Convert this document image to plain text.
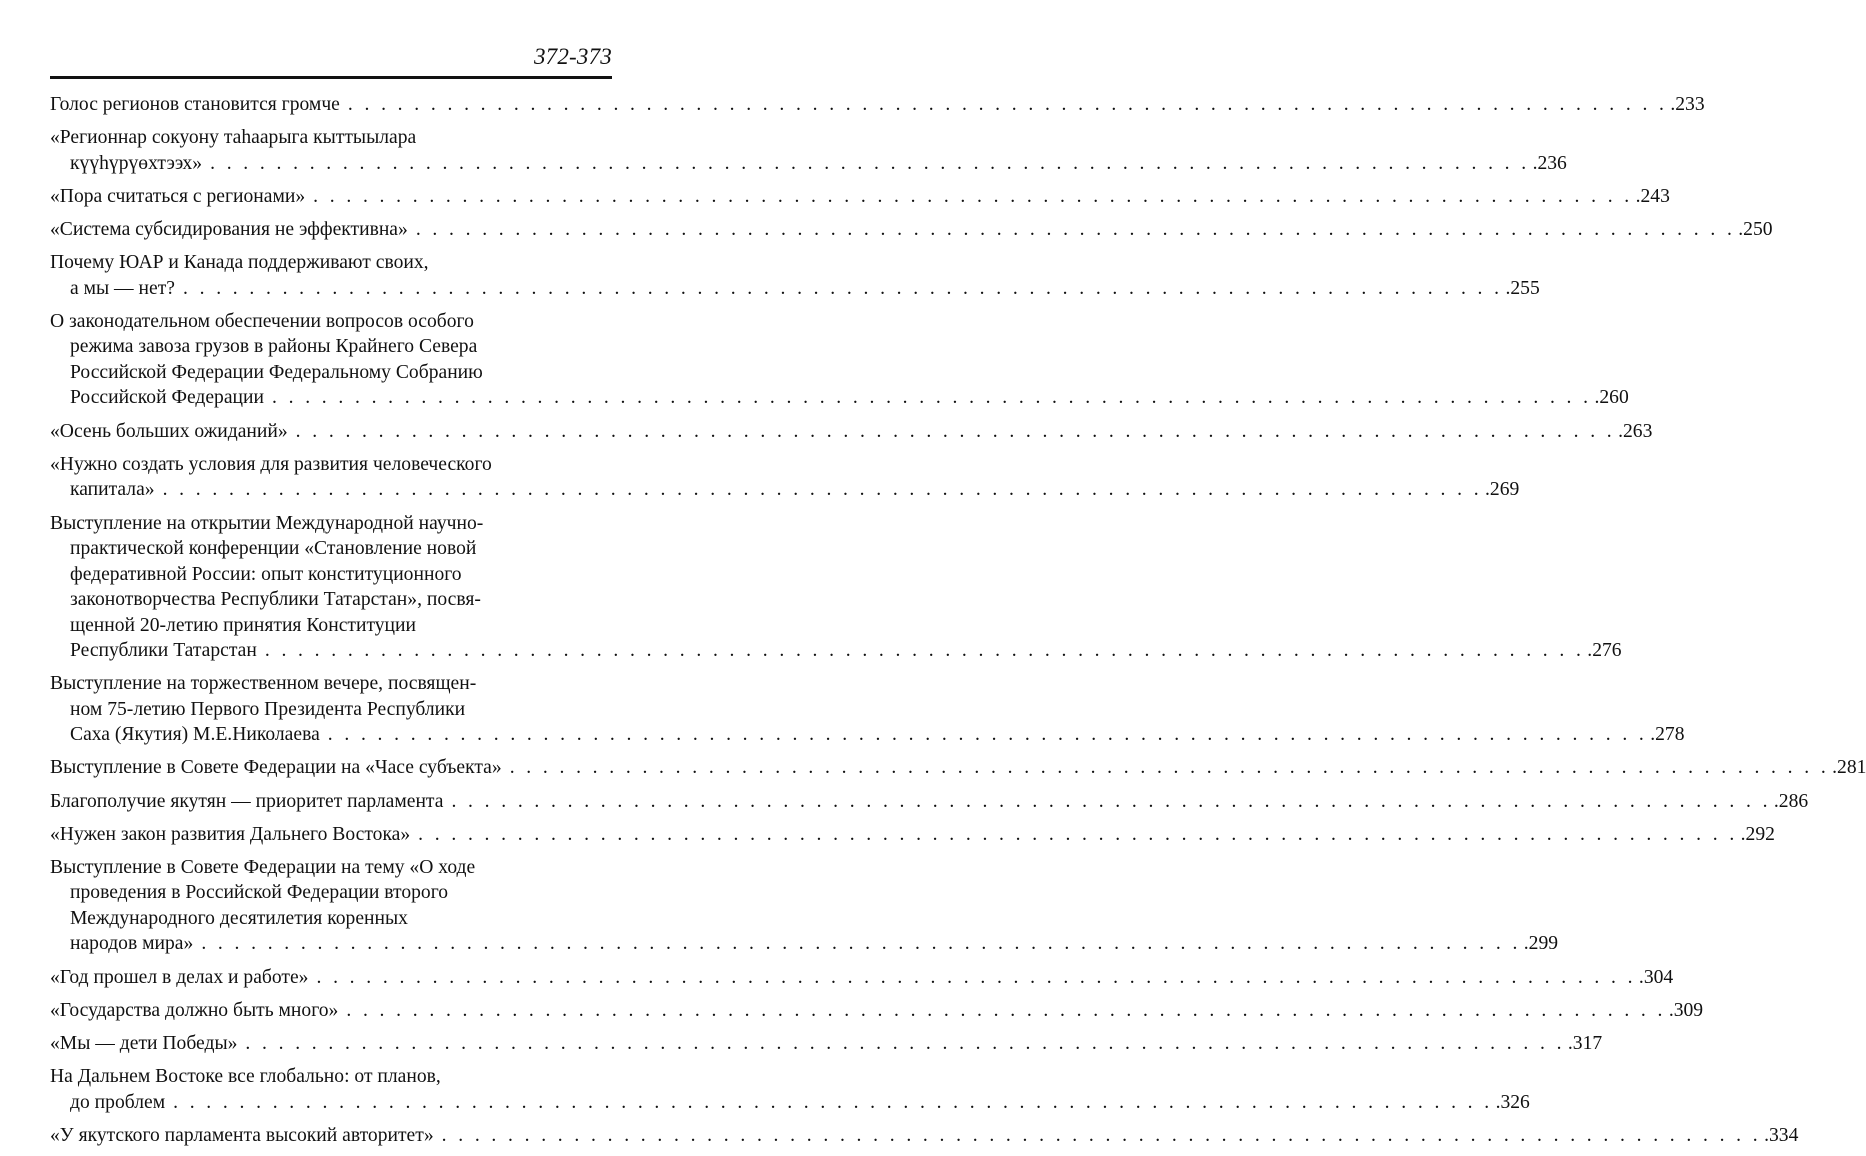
372-373
Голос регионов становится громче . . . . . . . . . . . . . . . . . . . . . . . . . . . . . . . . . . . . . . . . . . . . . . . . . . . . . . . . . . . . . . . . . . . . . . . . . . . . . . . . .233
«Регионнар сокуону таһаарыга кыттыылара
күүһүрүөхтээх» . . . . . . . . . . . . . . . . . . . . . . . . . . . . . . . . . . . . . . . . . . . . . . . . . . . . . . . . . . . . . . . . . . . . . . . . . . . . . . . . .236
«Пора считаться с регионами» . . . . . . . . . . . . . . . . . . . . . . . . . . . . . . . . . . . . . . . . . . . . . . . . . . . . . . . . . . . . . . . . . . . . . . . . . . . . . . . . .243
«Система субсидирования не эффективна» . . . . . . . . . . . . . . . . . . . . . . . . . . . . . . . . . . . . . . . . . . . . . . . . . . . . . . . . . . . . . . . . . . . . . . . . . . . . . . . . .250
Почему ЮАР и Канада поддерживают своих,
а мы — нет? . . . . . . . . . . . . . . . . . . . . . . . . . . . . . . . . . . . . . . . . . . . . . . . . . . . . . . . . . . . . . . . . . . . . . . . . . . . . . . . . .255
О законодательном обеспечении вопросов особого
режима завоза грузов в районы Крайнего Севера
Российской Федерации Федеральному Собранию
Российской Федерации . . . . . . . . . . . . . . . . . . . . . . . . . . . . . . . . . . . . . . . . . . . . . . . . . . . . . . . . . . . . . . . . . . . . . . . . . . . . . . . . .260
«Осень больших ожиданий» . . . . . . . . . . . . . . . . . . . . . . . . . . . . . . . . . . . . . . . . . . . . . . . . . . . . . . . . . . . . . . . . . . . . . . . . . . . . . . . . .263
«Нужно создать условия для развития человеческого
капитала» . . . . . . . . . . . . . . . . . . . . . . . . . . . . . . . . . . . . . . . . . . . . . . . . . . . . . . . . . . . . . . . . . . . . . . . . . . . . . . . . .269
Выступление на открытии Международной научно-
практической конференции «Становление новой
федеративной России: опыт конституционного
законотворчества Республики Татарстан», посвя-
щенной 20-летию принятия Конституции
Республики Татарстан . . . . . . . . . . . . . . . . . . . . . . . . . . . . . . . . . . . . . . . . . . . . . . . . . . . . . . . . . . . . . . . . . . . . . . . . . . . . . . . . .276
Выступление на торжественном вечере, посвящен-
ном 75-летию Первого Президента Республики
Саха (Якутия) М.Е.Николаева . . . . . . . . . . . . . . . . . . . . . . . . . . . . . . . . . . . . . . . . . . . . . . . . . . . . . . . . . . . . . . . . . . . . . . . . . . . . . . . . .278
Выступление в Совете Федерации на «Часе субъекта» . . . . . . . . . . . . . . . . . . . . . . . . . . . . . . . . . . . . . . . . . . . . . . . . . . . . . . . . . . . . . . . . . . . . . . . . . . . . . . . . .281
Благополучие якутян — приоритет парламента . . . . . . . . . . . . . . . . . . . . . . . . . . . . . . . . . . . . . . . . . . . . . . . . . . . . . . . . . . . . . . . . . . . . . . . . . . . . . . . . .286
«Нужен закон развития Дальнего Востока» . . . . . . . . . . . . . . . . . . . . . . . . . . . . . . . . . . . . . . . . . . . . . . . . . . . . . . . . . . . . . . . . . . . . . . . . . . . . . . . . .292
Выступление в Совете Федерации на тему «О ходе
проведения в Российской Федерации второго
Международного десятилетия коренных
народов мира» . . . . . . . . . . . . . . . . . . . . . . . . . . . . . . . . . . . . . . . . . . . . . . . . . . . . . . . . . . . . . . . . . . . . . . . . . . . . . . . . .299
«Год прошел в делах и работе» . . . . . . . . . . . . . . . . . . . . . . . . . . . . . . . . . . . . . . . . . . . . . . . . . . . . . . . . . . . . . . . . . . . . . . . . . . . . . . . . .304
«Государства должно быть много» . . . . . . . . . . . . . . . . . . . . . . . . . . . . . . . . . . . . . . . . . . . . . . . . . . . . . . . . . . . . . . . . . . . . . . . . . . . . . . . . .309
«Мы — дети Победы» . . . . . . . . . . . . . . . . . . . . . . . . . . . . . . . . . . . . . . . . . . . . . . . . . . . . . . . . . . . . . . . . . . . . . . . . . . . . . . . . .317
На Дальнем Востоке все глобально: от планов,
до проблем . . . . . . . . . . . . . . . . . . . . . . . . . . . . . . . . . . . . . . . . . . . . . . . . . . . . . . . . . . . . . . . . . . . . . . . . . . . . . . . . .326
«У якутского парламента высокий авторитет» . . . . . . . . . . . . . . . . . . . . . . . . . . . . . . . . . . . . . . . . . . . . . . . . . . . . . . . . . . . . . . . . . . . . . . . . . . . . . . . . .334
